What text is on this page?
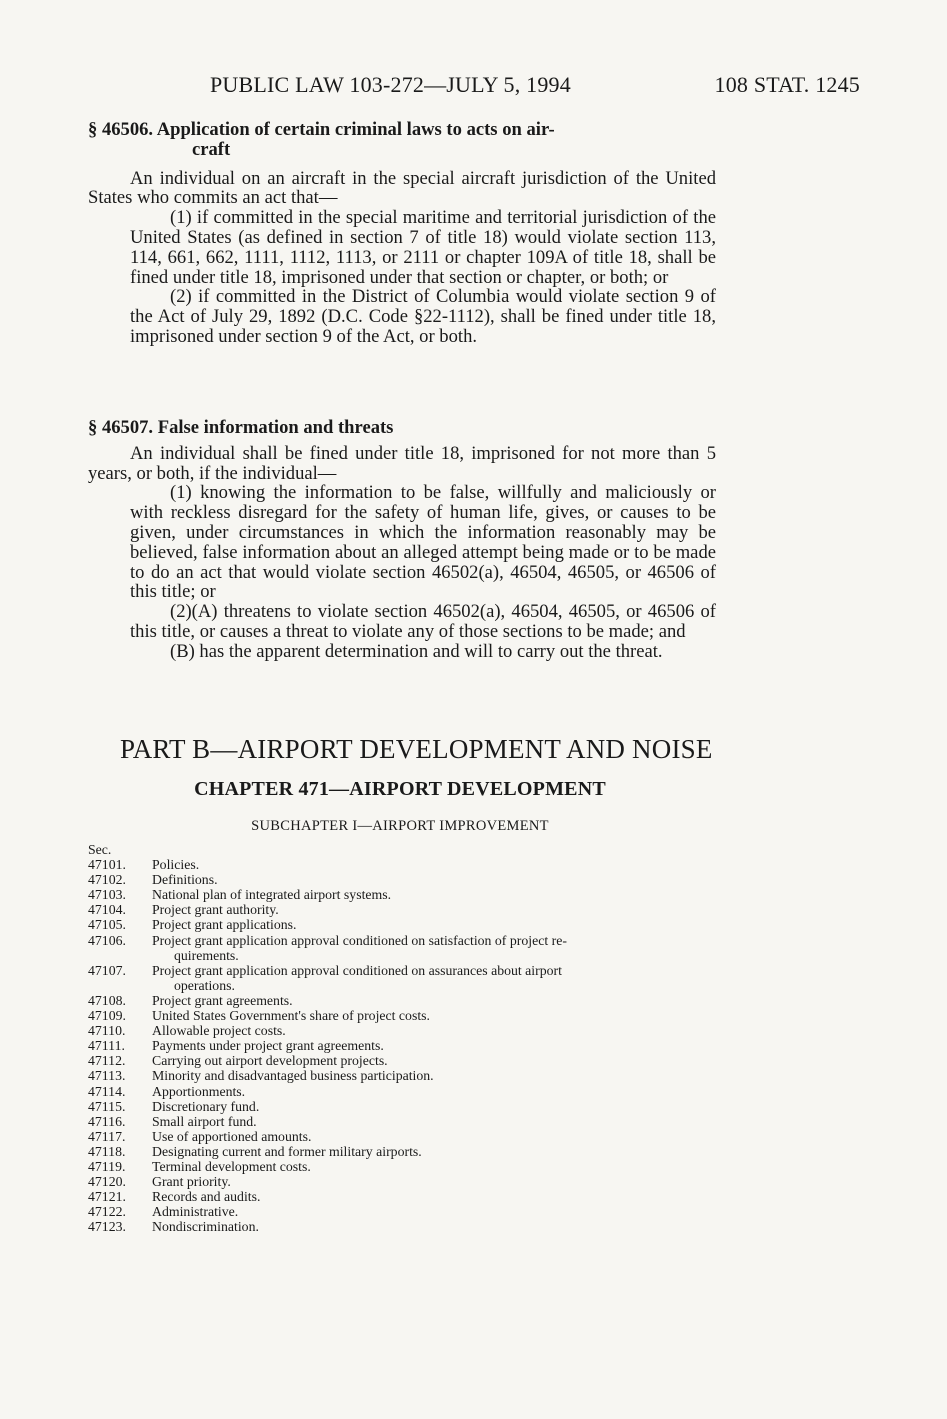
PUBLIC LAW 103-272—JULY 5, 1994	108 STAT. 1245
§ 46506. Application of certain criminal laws to acts on air-
craft

An individual on an aircraft in the special aircraft jurisdiction of the United States who commits an act that—

(1) if committed in the special maritime and territorial jurisdiction of the United States (as defined in section 7 of title 18) would violate section 113, 114, 661, 662, 1111, 1112, 1113, or 2111 or chapter 109A of title 18, shall be fined under title 18, imprisoned under that section or chapter, or both; or

(2) if committed in the District of Columbia would violate section 9 of the Act of July 29, 1892 (D.C. Code §22-1112), shall be fined under title 18, imprisoned under section 9 of the Act, or both.

§ 46507. False information and threats

An individual shall be fined under title 18, imprisoned for not more than 5 years, or both, if the individual—

(1) knowing the information to be false, willfully and maliciously or with reckless disregard for the safety of human life, gives, or causes to be given, under circumstances in which the information reasonably may be believed, false information about an alleged attempt being made or to be made to do an act that would violate section 46502(a), 46504, 46505, or 46506 of this title; or

(2)(A) threatens to violate section 46502(a), 46504, 46505, or 46506 of this title, or causes a threat to violate any of those sections to be made; and

(B) has the apparent determination and will to carry out the threat.

PART B—AIRPORT DEVELOPMENT AND NOISE
CHAPTER 471—AIRPORT DEVELOPMENT
SUBCHAPTER I—AIRPORT IMPROVEMENT
Sec.
47101.	Policies.
47102.	Definitions.
47103.	National plan of integrated airport systems.
47104.	Project grant authority.
47105.	Project grant applications.
47106.	Project grant application approval conditioned on satisfaction of project re-
quirements.
47107.	Project grant application approval conditioned on assurances about airport
operations.
47108.	Project grant agreements.
47109.	United States Government's share of project costs.
47110.	Allowable project costs.
47111.	Payments under project grant agreements.
47112.	Carrying out airport development projects.
47113.	Minority and disadvantaged business participation.
47114.	Apportionments.
47115.	Discretionary fund.
47116.	Small airport fund.
47117.	Use of apportioned amounts.
47118.	Designating current and former military airports.
47119.	Terminal development costs.
47120.	Grant priority.
47121.	Records and audits.
47122.	Administrative.
47123.	Nondiscrimination.
